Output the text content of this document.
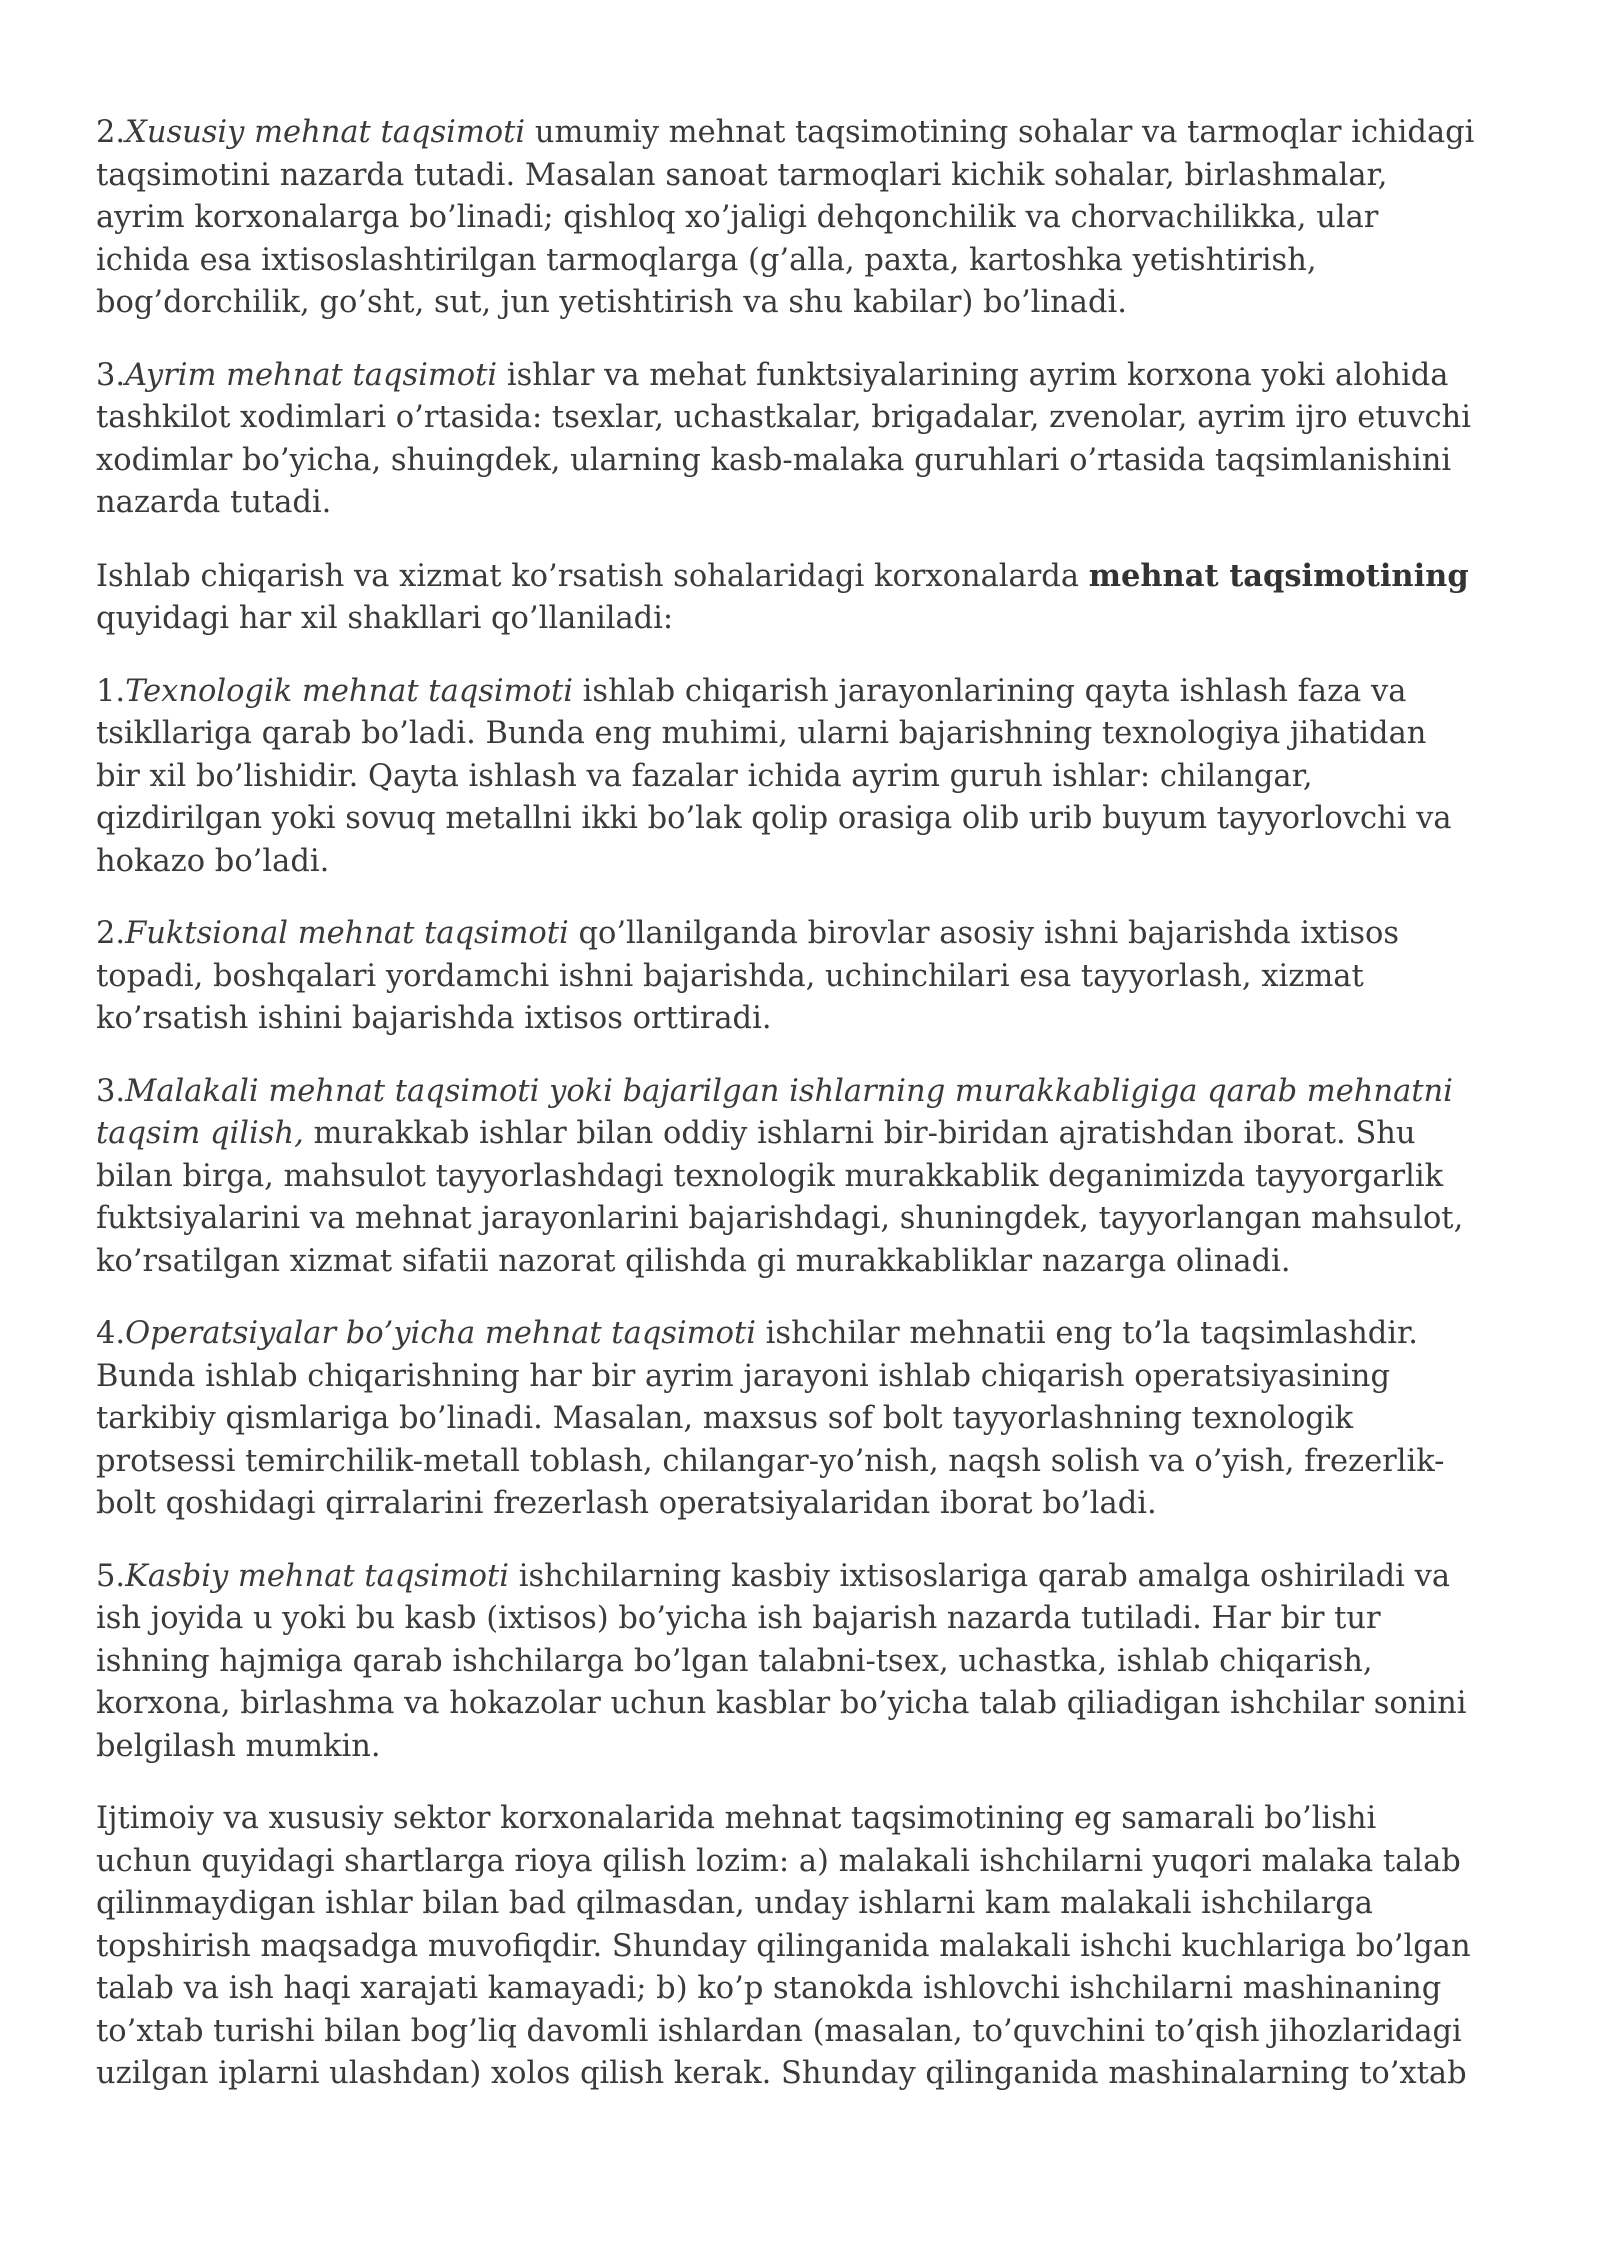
2.Xususiy mehnat taqsimoti umumiy mehnat taqsimotining sohalar va tarmoqlar ichidagi taqsimotini nazarda tutadi. Masalan sanoat tarmoqlari kichik sohalar, birlashmalar, ayrim korxonalarga bo’linadi; qishloq xo’jaligi dehqonchilik va chorvachilikka, ular ichida esa ixtisoslashtirilgan tarmoqlarga (g’alla, paxta, kartoshka yetishtirish, bog’dorchilik, go’sht, sut, jun yetishtirish va shu kabilar) bo’linadi.

3.Ayrim mehnat taqsimoti ishlar va mehat funktsiyalarining ayrim korxona yoki alohida tashkilot xodimlari o’rtasida: tsexlar, uchastkalar, brigadalar, zvenolar, ayrim ijro etuvchi xodimlar bo’yicha, shuingdek, ularning kasb-malaka guruhlari o’rtasida taqsimlanishini nazarda tutadi.

Ishlab chiqarish va xizmat ko’rsatish sohalaridagi korxonalarda mehnat taqsimotining quyidagi har xil shakllari qo’llaniladi:

1.Texnologik mehnat taqsimoti ishlab chiqarish jarayonlarining qayta ishlash faza va tsikllariga qarab bo’ladi. Bunda eng muhimi, ularni bajarishning texnologiya jihatidan bir xil bo’lishidir. Qayta ishlash va fazalar ichida ayrim guruh ishlar: chilangar, qizdirilgan yoki sovuq metallni ikki bo’lak qolip orasiga olib urib buyum tayyorlovchi va hokazo bo’ladi.

2.Fuktsional mehnat taqsimoti qo’llanilganda birovlar asosiy ishni bajarishda ixtisos topadi, boshqalari yordamchi ishni bajarishda, uchinchilari esa tayyorlash, xizmat ko’rsatish ishini bajarishda ixtisos orttiradi.

3.Malakali mehnat taqsimoti yoki bajarilgan ishlarning murakkabligiga qarab mehnatni taqsim qilish, murakkab ishlar bilan oddiy ishlarni bir-biridan ajratishdan iborat. Shu bilan birga, mahsulot tayyorlashdagi texnologik murakkablik deganimizda tayyorgarlik fuktsiyalarini va mehnat jarayonlarini bajarishdagi, shuningdek, tayyorlangan mahsulot, ko’rsatilgan xizmat sifatii nazorat qilishda gi murakkabliklar nazarga olinadi.

4.Operatsiyalar bo’yicha mehnat taqsimoti ishchilar mehnatii eng to’la taqsimlashdir. Bunda ishlab chiqarishning har bir ayrim jarayoni ishlab chiqarish operatsiyasining tarkibiy qismlariga bo’linadi. Masalan, maxsus sof bolt tayyorlashning texnologik protsessi temirchilik-metall toblash, chilangar-yo’nish, naqsh solish va o’yish, frezerlik-bolt qoshidagi qirralarini frezerlash operatsiyalaridan iborat bo’ladi.

5.Kasbiy mehnat taqsimoti ishchilarning kasbiy ixtisoslariga qarab amalga oshiriladi va ish joyida u yoki bu kasb (ixtisos) bo’yicha ish bajarish nazarda tutiladi. Har bir tur ishning hajmiga qarab ishchilarga bo’lgan talabni-tsex, uchastka, ishlab chiqarish, korxona, birlashma va hokazolar uchun kasblar bo’yicha talab qiliadigan ishchilar sonini belgilash mumkin.

Ijtimoiy va xususiy sektor korxonalarida mehnat taqsimotining eg samarali bo’lishi uchun quyidagi shartlarga rioya qilish lozim: a) malakali ishchilarni yuqori malaka talab qilinmaydigan ishlar bilan bad qilmasdan, unday ishlarni kam malakali ishchilarga topshirish maqsadga muvofiqdir. Shunday qilinganida malakali ishchi kuchlariga bo’lgan talab va ish haqi xarajati kamayadi; b) ko’p stanokda ishlovchi ishchilarni mashinaning to’xtab turishi bilan bog’liq davomli ishlardan (masalan, to’quvchini to’qish jihozlaridagi uzilgan iplarni ulashdan) xolos qilish kerak. Shunday qilinganida mashinalarning to’xtab
